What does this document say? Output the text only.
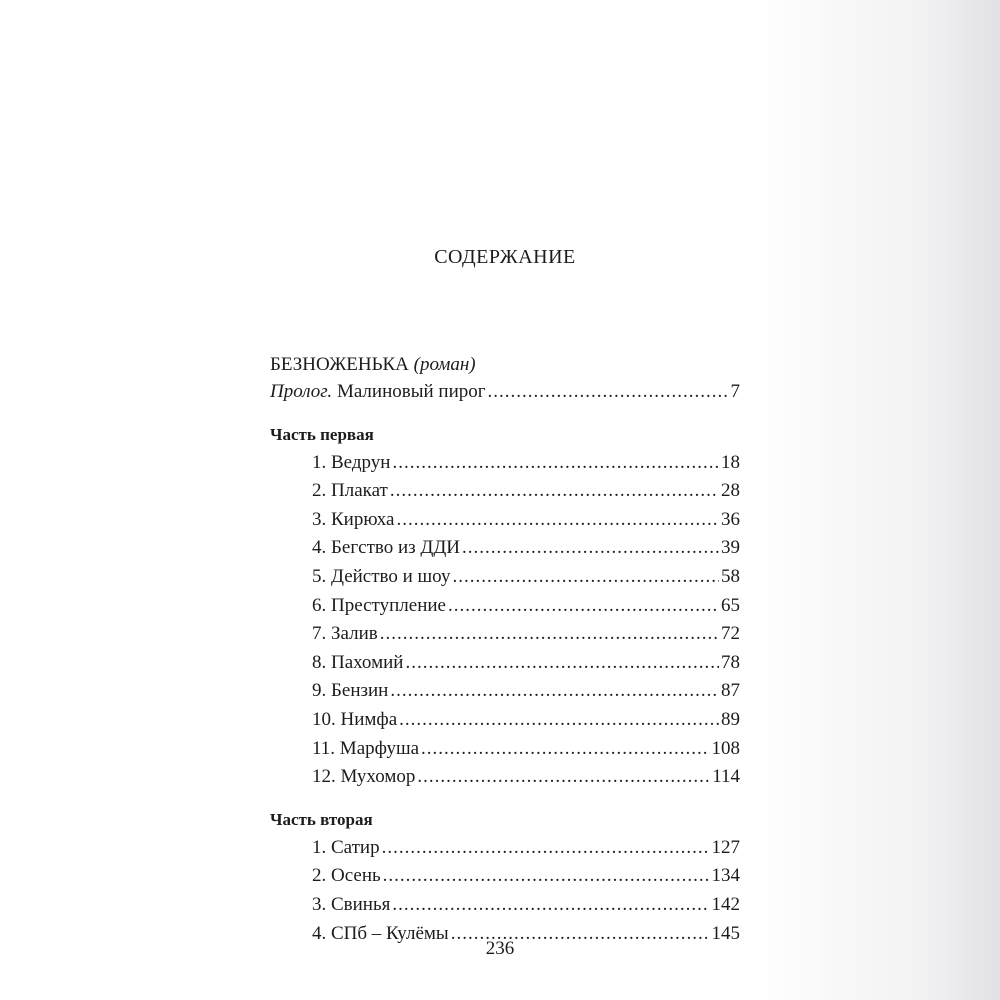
СОДЕРЖАНИЕ
БЕЗНОЖЕНЬКА (роман)
Пролог. Малиновый пирог .....	7
Часть первая
1. Ведрун .....	18
2. Плакат .....	28
3. Кирюха .....	36
4. Бегство из ДДИ .....	39
5. Действо и шоу .....	58
6. Преступление .....	65
7. Залив .....	72
8. Пахомий .....	78
9. Бензин .....	87
10. Нимфа .....	89
11. Марфуша .....	108
12. Мухомор .....	114
Часть вторая
1. Сатир .....	127
2. Осень .....	134
3. Свинья .....	142
4. СПб – Кулёмы .....	145
236
